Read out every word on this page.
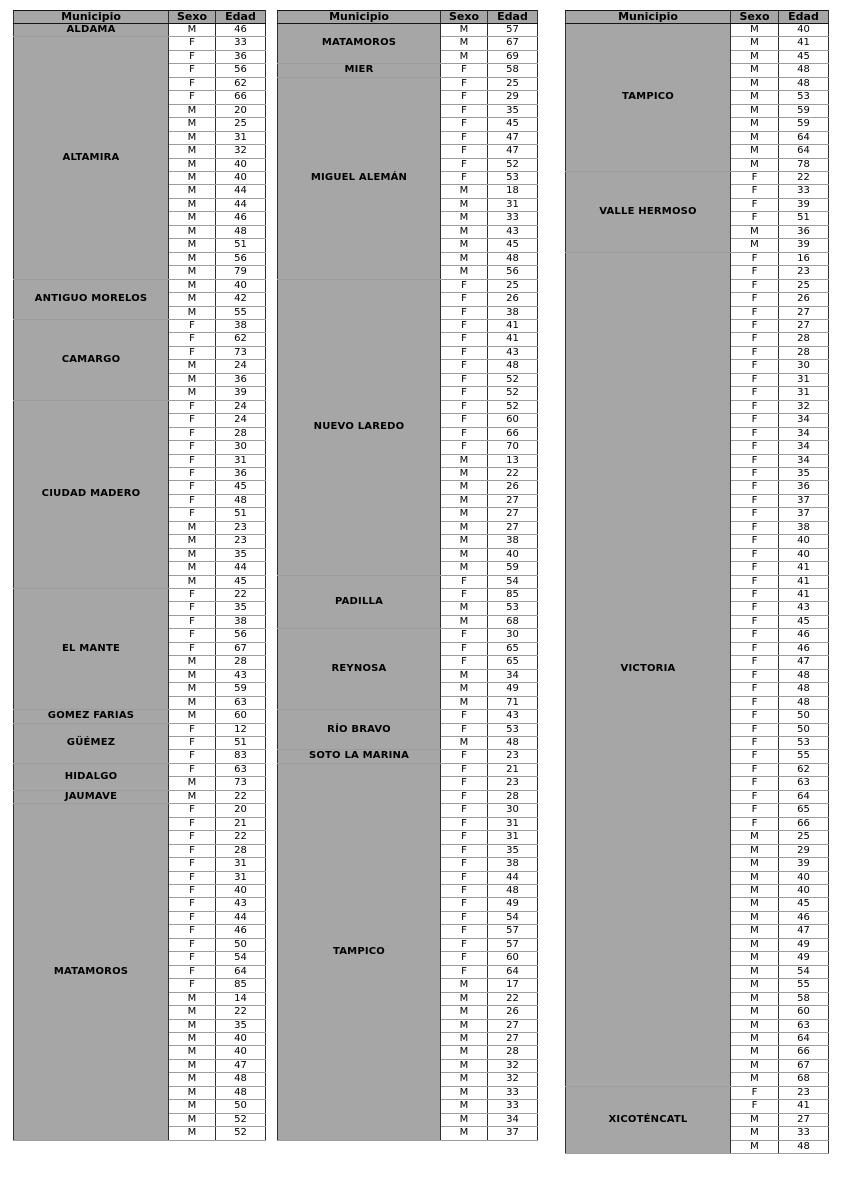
Municipio	Sexo	Edad
ALDAMA	M	46
ALTAMIRA	F	33
	F	36
	F	56
	F	62
	F	66
	M	20
	M	25
	M	31
	M	32
	M	40
	M	40
	M	44
	M	44
	M	46
	M	48
	M	51
	M	56
	M	79
ANTIGUO MORELOS	M	40
	M	42
	M	55
CAMARGO	F	38
	F	62
	F	73
	M	24
	M	36
	M	39
CIUDAD MADERO	F	24
	F	24
	F	28
	F	30
	F	31
	F	36
	F	45
	F	48
	F	51
	M	23
	M	23
	M	35
	M	44
	M	45
EL MANTE	F	22
	F	35
	F	38
	F	56
	F	67
	M	28
	M	43
	M	59
	M	63
GÓMEZ FARÍAS	M	60
GÜÉMEZ	F	12
	F	51
	F	83
HIDALGO	F	63
	M	73
JAUMAVE	M	22
MATAMOROS	F	20
	F	21
	F	22
	F	28
	F	31
	F	31
	F	40
	F	43
	F	44
	F	46
	F	50
	F	54
	F	64
	F	85
	M	14
	M	22
	M	35
	M	40
	M	40
	M	47
	M	48
	M	48
	M	50
	M	52
	M	52
Municipio	Sexo	Edad
MATAMOROS	M	57
	M	67
	M	69
MIER	F	58
MIGUEL ALEMÁN	F	25
	F	29
	F	35
	F	45
	F	47
	F	47
	F	52
	F	53
	M	18
	M	31
	M	33
	M	43
	M	45
	M	48
	M	56
NUEVO LAREDO	F	25
	F	26
	F	38
	F	41
	F	41
	F	43
	F	48
	F	52
	F	52
	F	52
	F	60
	F	66
	F	70
	M	13
	M	22
	M	26
	M	27
	M	27
	M	27
	M	38
	M	40
	M	59
PADILLA	F	54
	F	85
	M	53
	M	68
REYNOSA	F	30
	F	65
	F	65
	M	34
	M	49
	M	71
RÍO BRAVO	F	43
	F	53
	M	48
SOTO LA MARINA	F	23
TAMPICO	F	21
	F	23
	F	28
	F	30
	F	31
	F	31
	F	35
	F	38
	F	44
	F	48
	F	49
	F	54
	F	57
	F	57
	F	60
	F	64
	M	17
	M	22
	M	26
	M	27
	M	27
	M	28
	M	32
	M	32
	M	33
	M	33
	M	34
	M	37
Municipio	Sexo	Edad
TAMPICO	M	40
	M	41
	M	45
	M	48
	M	48
	M	53
	M	59
	M	59
	M	64
	M	64
	M	78
VALLE HERMOSO	F	22
	F	33
	F	39
	F	51
	M	36
	M	39
VICTORIA	F	16
	F	23
	F	25
	F	26
	F	27
	F	27
	F	28
	F	28
	F	30
	F	31
	F	31
	F	32
	F	34
	F	34
	F	34
	F	34
	F	35
	F	36
	F	37
	F	37
	F	38
	F	40
	F	40
	F	41
	F	41
	F	41
	F	43
	F	45
	F	46
	F	46
	F	47
	F	48
	F	48
	F	48
	F	50
	F	50
	F	53
	F	55
	F	62
	F	63
	F	64
	F	65
	F	66
	M	25
	M	29
	M	39
	M	40
	M	40
	M	45
	M	46
	M	47
	M	49
	M	49
	M	54
	M	55
	M	58
	M	60
	M	63
	M	64
	M	66
	M	67
	M	68
XICOTÉNCATL	F	23
	F	41
	M	27
	M	33
	M	48
